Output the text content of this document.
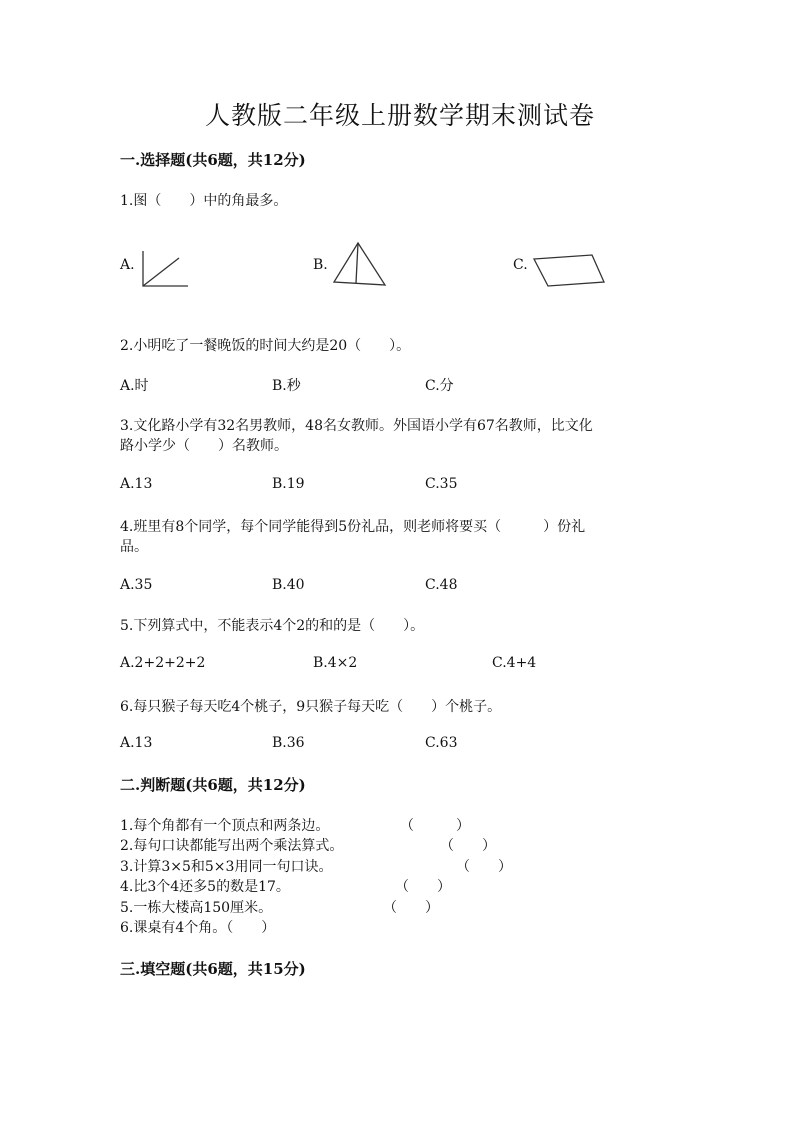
人教版二年级上册数学期末测试卷
一.选择题(共6题，共12分)
1.图（　　）中的角最多。
A.	B.	C.
2.小明吃了一餐晚饭的时间大约是20（　　）。
A.时	B.秒	C.分
3.文化路小学有32名男教师，48名女教师。外国语小学有67名教师，比文化
路小学少（　　）名教师。
A.13	B.19	C.35
4.班里有8个同学，每个同学能得到5份礼品，则老师将要买（　　　）份礼
品。
A.35	B.40	C.48
5.下列算式中，不能表示4个2的和的是（　　）。
A.2+2+2+2	B.4×2	C.4+4
6.每只猴子每天吃4个桃子，9只猴子每天吃（　　）个桃子。
A.13	B.36	C.63
二.判断题(共6题，共12分)
1.每个角都有一个顶点和两条边。	（　　　）
2.每句口诀都能写出两个乘法算式。	（　　）
3.计算3×5和5×3用同一句口诀。	（　　）
4.比3个4还多5的数是17。	（　　）
5.一栋大楼高150厘米。	（　　）
6.课桌有4个角。（　　）
三.填空题(共6题，共15分)
